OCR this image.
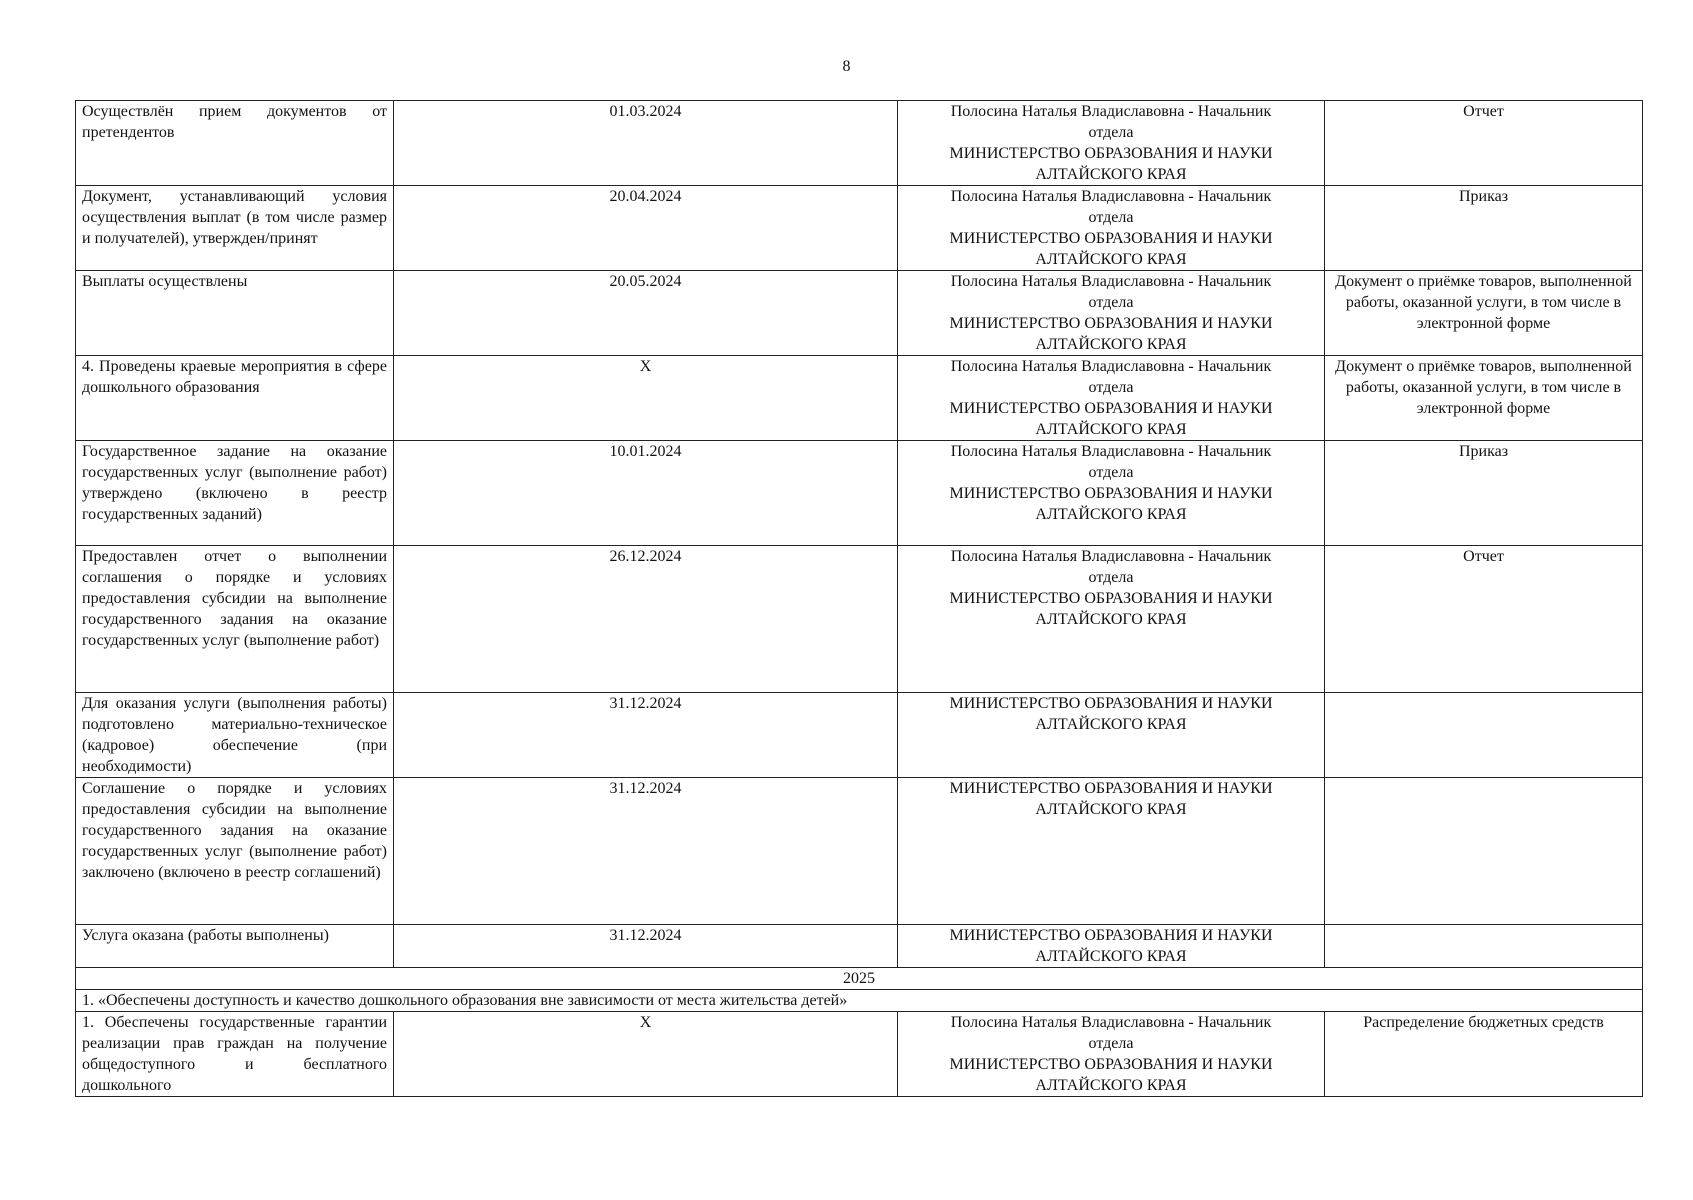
8
Осуществлён прием документов от претендентов	01.03.2024	Полосина Наталья Владиславовна - Начальник
отдела
МИНИСТЕРСТВО ОБРАЗОВАНИЯ И НАУКИ
АЛТАЙСКОГО КРАЯ	Отчет
Документ, устанавливающий условия осуществления выплат (в том числе размер и получателей), утвержден/принят	20.04.2024	Полосина Наталья Владиславовна - Начальник
отдела
МИНИСТЕРСТВО ОБРАЗОВАНИЯ И НАУКИ
АЛТАЙСКОГО КРАЯ	Приказ
Выплаты осуществлены	20.05.2024	Полосина Наталья Владиславовна - Начальник
отдела
МИНИСТЕРСТВО ОБРАЗОВАНИЯ И НАУКИ
АЛТАЙСКОГО КРАЯ	Документ о приёмке товаров, выполненной работы, оказанной услуги, в том числе в электронной форме
4. Проведены краевые мероприятия в сфере дошкольного образования	Х	Полосина Наталья Владиславовна - Начальник
отдела
МИНИСТЕРСТВО ОБРАЗОВАНИЯ И НАУКИ
АЛТАЙСКОГО КРАЯ	Документ о приёмке товаров, выполненной работы, оказанной услуги, в том числе в электронной форме
Государственное задание на оказание государственных услуг (выполнение работ) утверждено (включено в реестр государственных заданий)	10.01.2024	Полосина Наталья Владиславовна - Начальник
отдела
МИНИСТЕРСТВО ОБРАЗОВАНИЯ И НАУКИ
АЛТАЙСКОГО КРАЯ	Приказ
Предоставлен отчет о выполнении соглашения о порядке и условиях предоставления субсидии на выполнение государственного задания на оказание государственных услуг (выполнение работ)	26.12.2024	Полосина Наталья Владиславовна - Начальник
отдела
МИНИСТЕРСТВО ОБРАЗОВАНИЯ И НАУКИ
АЛТАЙСКОГО КРАЯ	Отчет
Для оказания услуги (выполнения работы) подготовлено материально-техническое (кадровое) обеспечение (при необходимости)	31.12.2024	МИНИСТЕРСТВО ОБРАЗОВАНИЯ И НАУКИ
АЛТАЙСКОГО КРАЯ	

Соглашение о порядке и условиях предоставления субсидии на выполнение государственного задания на оказание государственных услуг (выполнение работ) заключено (включено в реестр соглашений)	31.12.2024	МИНИСТЕРСТВО ОБРАЗОВАНИЯ И НАУКИ
АЛТАЙСКОГО КРАЯ	

Услуга оказана (работы выполнены)	31.12.2024	МИНИСТЕРСТВО ОБРАЗОВАНИЯ И НАУКИ
АЛТАЙСКОГО КРАЯ	

2025			
1. «Обеспечены доступность и качество дошкольного образования вне зависимости от места жительства детей»			
1. Обеспечены государственные гарантии реализации прав граждан на получение общедоступного и бесплатного дошкольного	Х	Полосина Наталья Владиславовна - Начальник
отдела
МИНИСТЕРСТВО ОБРАЗОВАНИЯ И НАУКИ
АЛТАЙСКОГО КРАЯ	Распределение бюджетных средств
